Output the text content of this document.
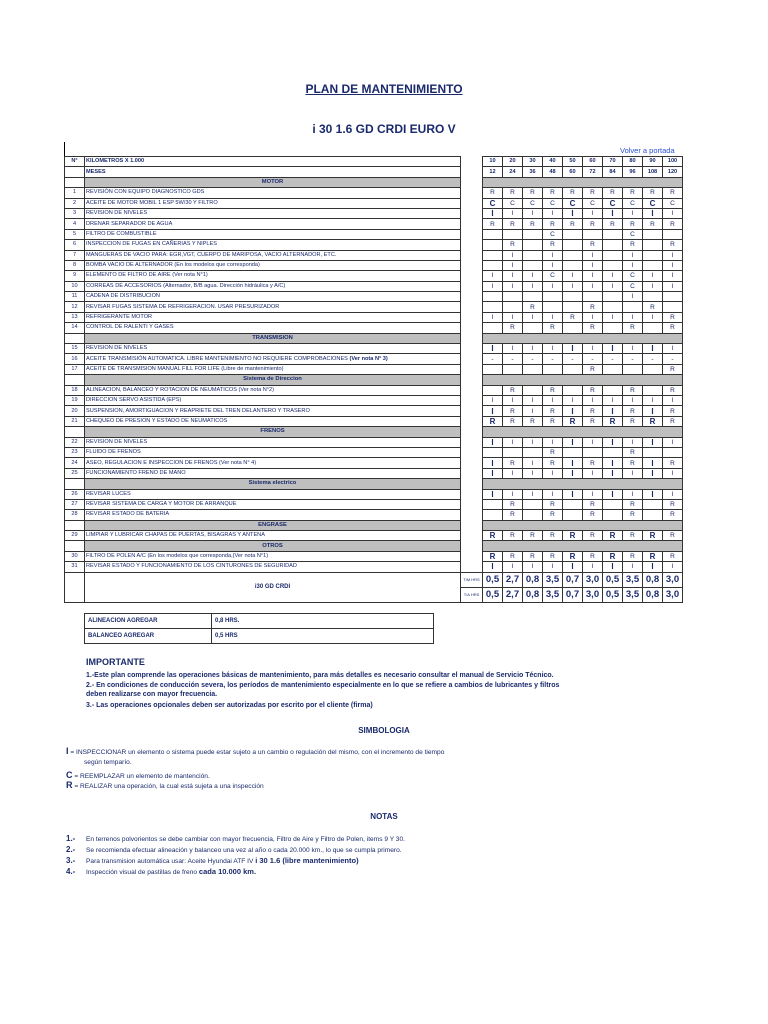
PLAN DE MANTENIMIENTO
i 30 1.6 GD CRDI EURO V
Volver a portada
N°	KILOMETROS X 1.000		10	20	30	40	50	60	70	80	90	100
	MESES		12	24	36	48	60	72	84	96	108	120
	MOTOR											
1	REVISIÓN CON EQUIPO DIAGNOSTICO GDS		R	R	R	R	R	R	R	R	R	R
2	ACEITE DE MOTOR MOBIL 1 ESP 5W/30 Y FILTRO		C	C	C	C	C	C	C	C	C	C
3	REVISION DE NIVELES		I	I	I	I	I	I	I	I	I	I
4	DRENAR SEPARADOR DE AGUA		R	R	R	R	R	R	R	R	R	R
5	FILTRO DE COMBUSTIBLE					C				C		
6	INSPECCION DE FUGAS EN CAÑERIAS Y NIPLES			R		R		R		R		R
7	MANGUERAS DE VACIO PARA: EGR,VGT, CUERPO DE MARIPOSA, VACIO ALTERNADOR, ETC.			I		I		I		I		I
8	BOMBA VACIO DE ALTERNADOR (En los modelos que corresponda)			I		I		I		I		I
9	ELEMENTO DE FILTRO DE AIRE (Ver nota N°1)		I	I	I	C	I	I	I	C	I	I
10	CORREAS DE ACCESORIOS (Alternador, B/B agua. Dirección hidráulica y A/C)		I	I	I	I	I	I	I	C	I	I
11	CADENA DE DISTRIBUCION									I		
12	REVISAR FUGAS SISTEMA DE REFRIGERACION. USAR PRESURIZADOR				R			R			R	
13	REFRIGERANTE MOTOR		I	I	I	I	R	I	I	I	I	R
14	CONTROL DE RALENTI Y GASES			R		R		R		R		R
	TRANSMISION											
15	REVISION DE NIVELES		I	I	I	I	I	I	I	I	I	I
16	ACEITE TRANSMISIÓN AUTOMATICA. LIBRE MANTENIMIENTO NO REQUIERE COMPROBACIONES (Ver nota N° 3)		-	-	-	-	-	-	-	-	-	-
17	ACEITE DE TRANSMISION MANUAL FILL FOR LIFE (Libre de mantenimiento)							R				R
	Sistema de Direccion											
18	ALINEACION, BALANCEO Y ROTACION DE NEUMATICOS (Ver nota N°2)			R		R		R		R		R
19	DIRECCION SERVO ASISTIDA (EPS)		I	I	I	I	I	I	I	I	I	I
20	SUSPENSION, AMORTIGUACION Y REAPRIETE DEL TREN DELANTERO Y TRASERO		I	R	I	R	I	R	I	R	I	R
21	CHEQUEO DE PRESION Y ESTADO DE NEUMATICOS		R	R	R	R	R	R	R	R	R	R
	FRENOS											
22	REVISION DE NIVELES		I	I	I	I	I	I	I	I	I	I
23	FLUIDO DE FRENOS					R				R		
24	ASEO, REGULACION E INSPECCION DE FRENOS (Ver nota N° 4)		I	R	I	R	I	R	I	R	I	R
25	FUNCIONAMIENTO FRENO DE MANO		I	I	I	I	I	I	I	I	I	I
	Sistema electrico											
26	REVISAR LUCES		I	I	I	I	I	I	I	I	I	I
27	REVISAR SISTEMA DE CARGA Y MOTOR DE ARRANQUE			R		R		R		R		R
28	REVISAR ESTADO DE BATERIA			R		R		R		R		R
	ENGRASE											
29	LIMPIAR Y LUBRICAR CHAPAS DE PUERTAS, BISAGRAS Y ANTENA		R	R	R	R	R	R	R	R	R	R
	OTROS											
30	FILTRO DE POLEN A/C (En los modelos que corresponda,(Ver nota N°1)		R	R	R	R	R	R	R	R	R	R
31	REVISAR ESTADO Y FUNCIONAMIENTO DE LOS CINTURONES DE SEGURIDAD		I	I	I	I	I	I	I	I	I	I
	i30 GD CRDI	T/M HRS	0,5	2,7	0,8	3,5	0,7	3,0	0,5	3,5	0,8	3,0
		T/A HRS	0,5	2,7	0,8	3,5	0,7	3,0	0,5	3,5	0,8	3,0
ALINEACION AGREGAR	0,8 HRS.
BALANCEO AGREGAR	0,5 HRS
IMPORTANTE
1.-Este plan comprende las operaciones básicas de mantenimiento, para más detalles es necesario consultar el manual de Servicio Técnico.
2.- En condiciones de conducción severa, los períodos de mantenimiento especialmente en lo que se refiere a cambios de lubricantes y filtros
deben realizarse con mayor frecuencia.
3.- Las operaciones opcionales deben ser autorizadas por escrito por el cliente (firma)
SIMBOLOGIA
I = INSPECCIONAR un elemento o sistema puede estar sujeto a un cambio o regulación del mismo, con el incremento de tiempo
según temparío.
C = REEMPLAZAR un elemento de mantención.
R = REALIZAR una operación, la cual está sujeta a una inspección
NOTAS
1.- En terrenos polvorientos se debe cambiar con mayor frecuencia, Filtro de Aire y Filtro de Polen, items 9 Y 30.
2.- Se recomienda efectuar alineación y balanceo una vez al año o cada 20.000 km., lo que se cumpla primero.
3.- Para transmision automática usar: Aceite Hyundai ATF IV i 30 1.6 (libre mantenimiento)
4.- Inspección visual de pastillas de freno cada 10.000 km.
